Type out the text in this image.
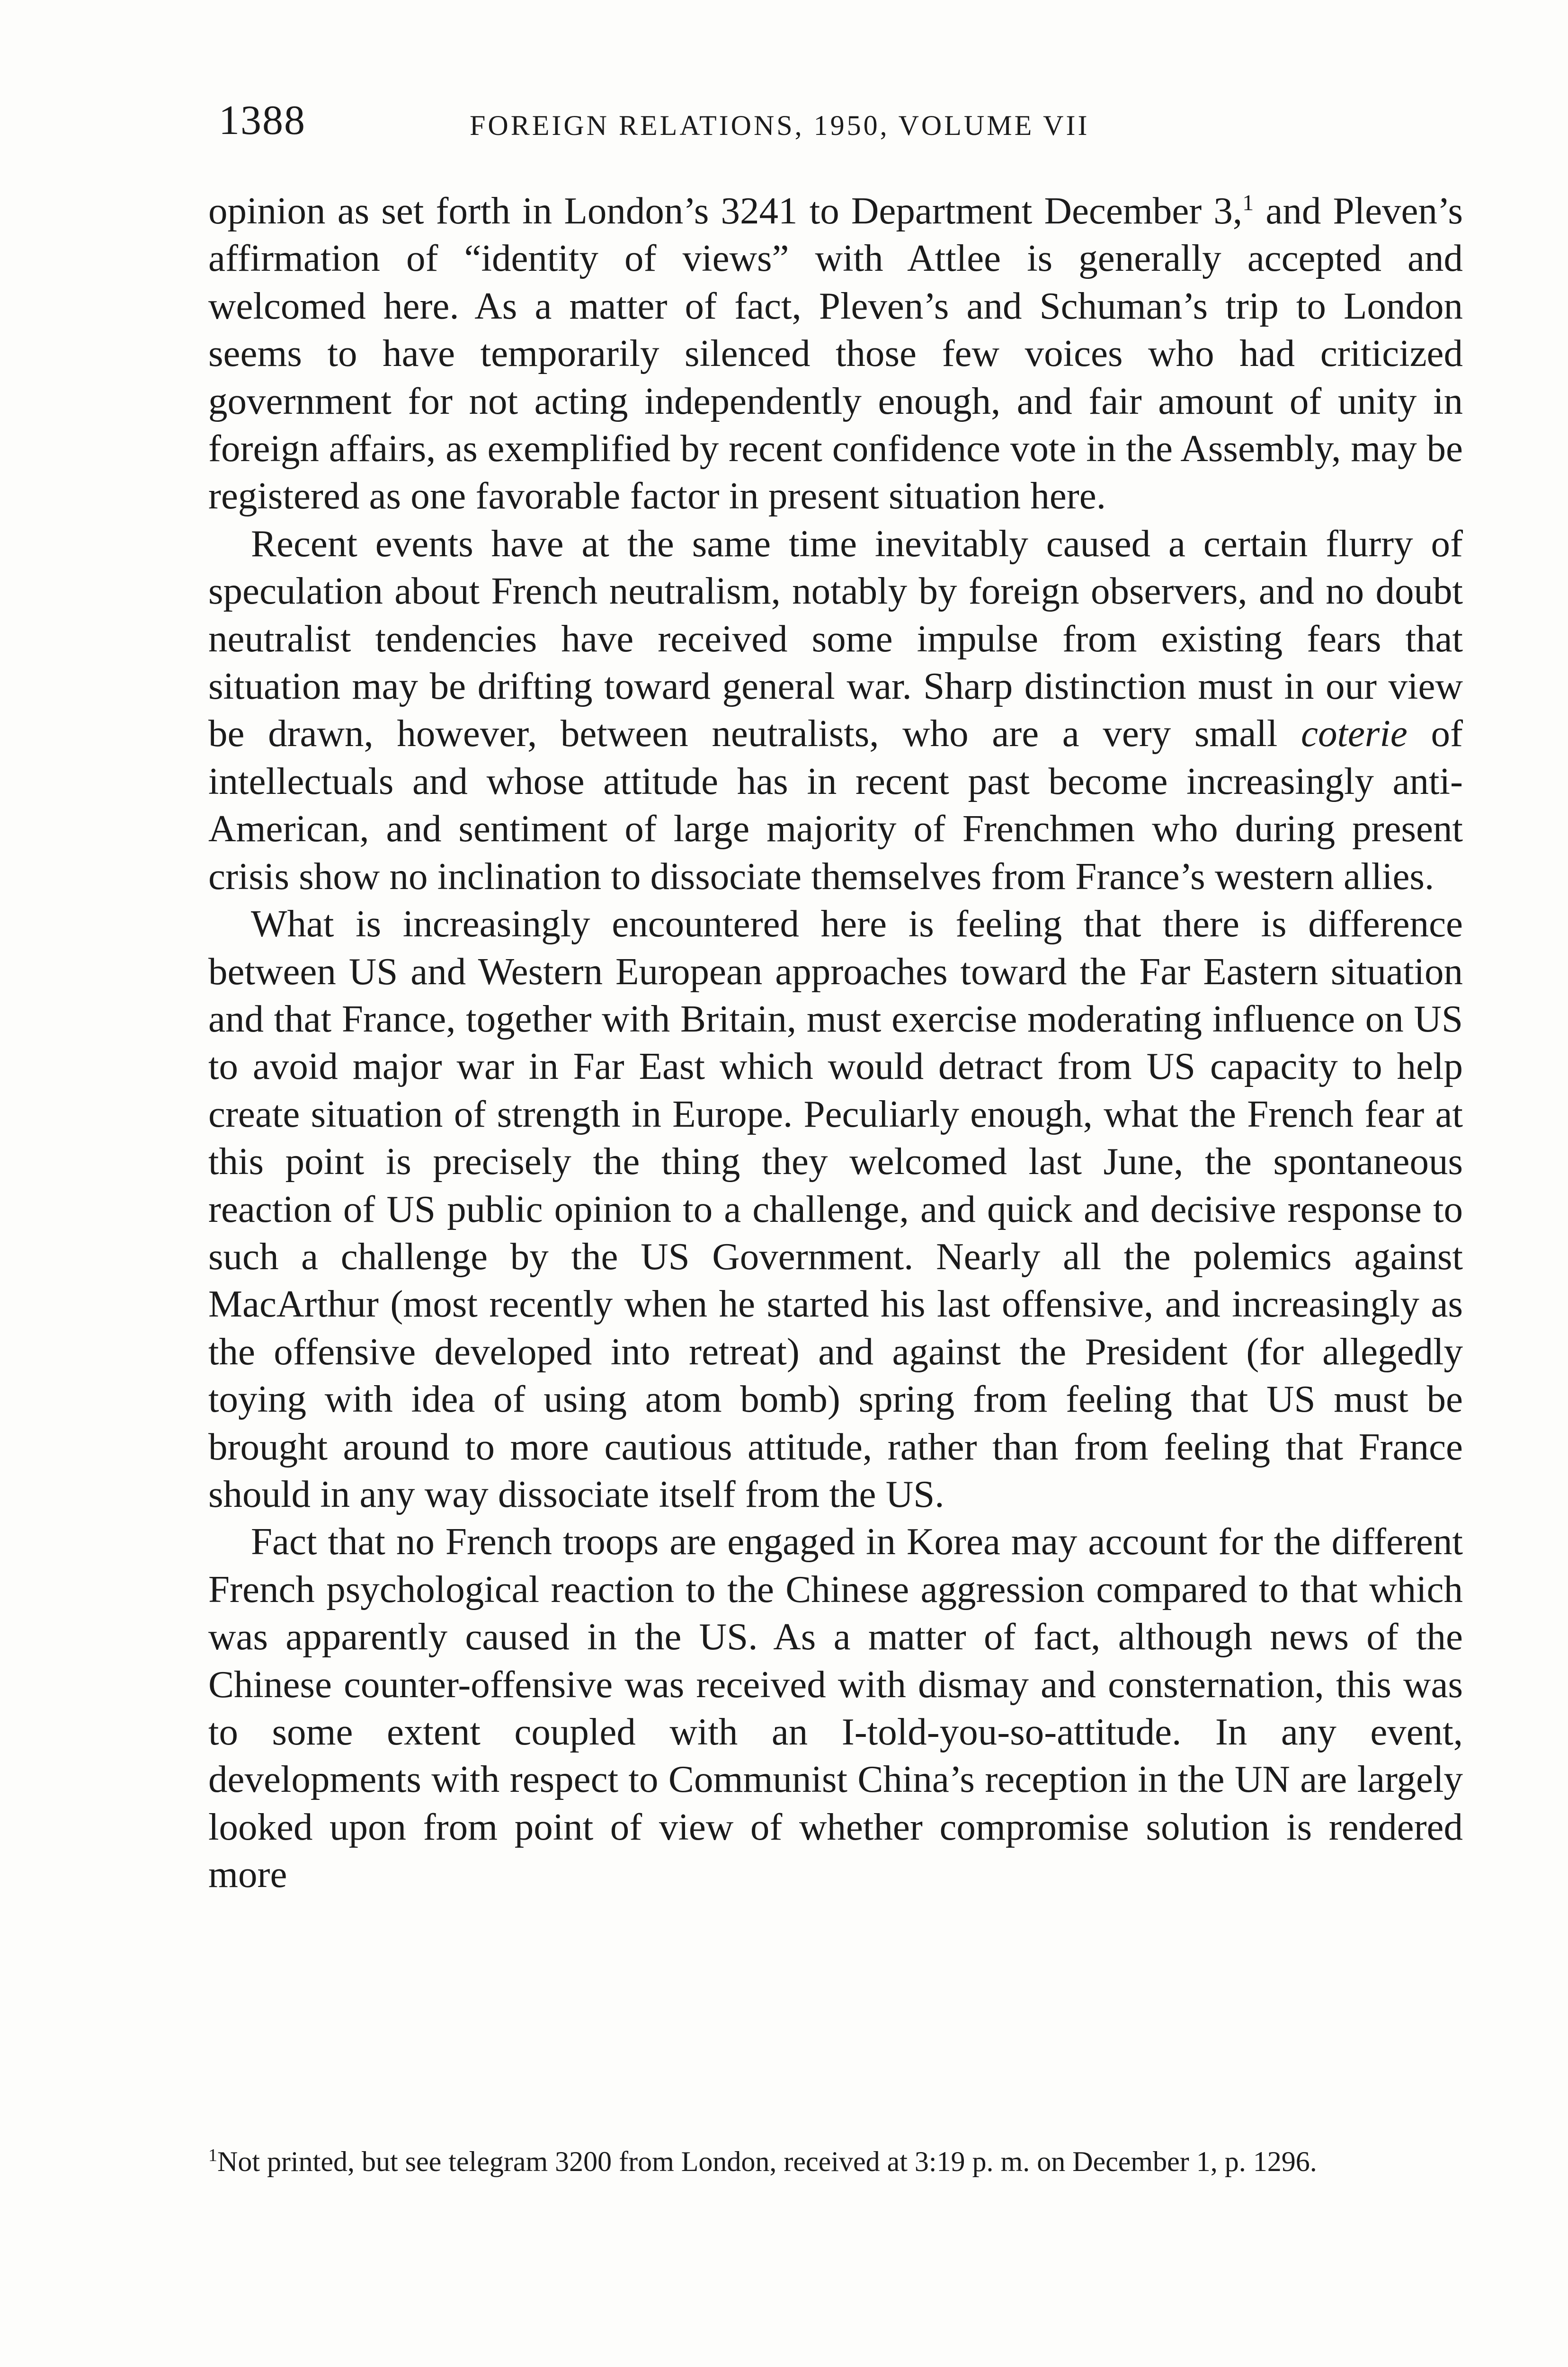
1388	FOREIGN RELATIONS, 1950, VOLUME VII

opinion as set forth in London’s 3241 to Department December 3,$^1$ and Pleven’s affirmation of “identity of views” with Attlee is generally accepted and welcomed here. As a matter of fact, Pleven’s and Schuman’s trip to London seems to have temporarily silenced those few voices who had criticized government for not acting independently enough, and fair amount of unity in foreign affairs, as exemplified by recent confidence vote in the Assembly, may be registered as one favorable factor in present situation here.

Recent events have at the same time inevitably caused a certain flurry of speculation about French neutralism, notably by foreign observers, and no doubt neutralist tendencies have received some impulse from existing fears that situation may be drifting toward general war. Sharp distinction must in our view be drawn, however, between neutralists, who are a very small coterie of intellectuals and whose attitude has in recent past become increasingly anti-American, and sentiment of large majority of Frenchmen who during present crisis show no inclination to dissociate themselves from France’s western allies.

What is increasingly encountered here is feeling that there is difference between US and Western European approaches toward the Far Eastern situation and that France, together with Britain, must exercise moderating influence on US to avoid major war in Far East which would detract from US capacity to help create situation of strength in Europe. Peculiarly enough, what the French fear at this point is precisely the thing they welcomed last June, the spontaneous reaction of US public opinion to a challenge, and quick and decisive response to such a challenge by the US Government. Nearly all the polemics against MacArthur (most recently when he started his last offensive, and increasingly as the offensive developed into retreat) and against the President (for allegedly toying with idea of using atom bomb) spring from feeling that US must be brought around to more cautious attitude, rather than from feeling that France should in any way dissociate itself from the US.

Fact that no French troops are engaged in Korea may account for the different French psychological reaction to the Chinese aggression compared to that which was apparently caused in the US. As a matter of fact, although news of the Chinese counter-offensive was received with dismay and consternation, this was to some extent coupled with an I-told-you-so-attitude. In any event, developments with respect to Communist China’s reception in the UN are largely looked upon from point of view of whether compromise solution is rendered more

$^1$Not printed, but see telegram 3200 from London, received at 3:19 p. m. on December 1, p. 1296.
